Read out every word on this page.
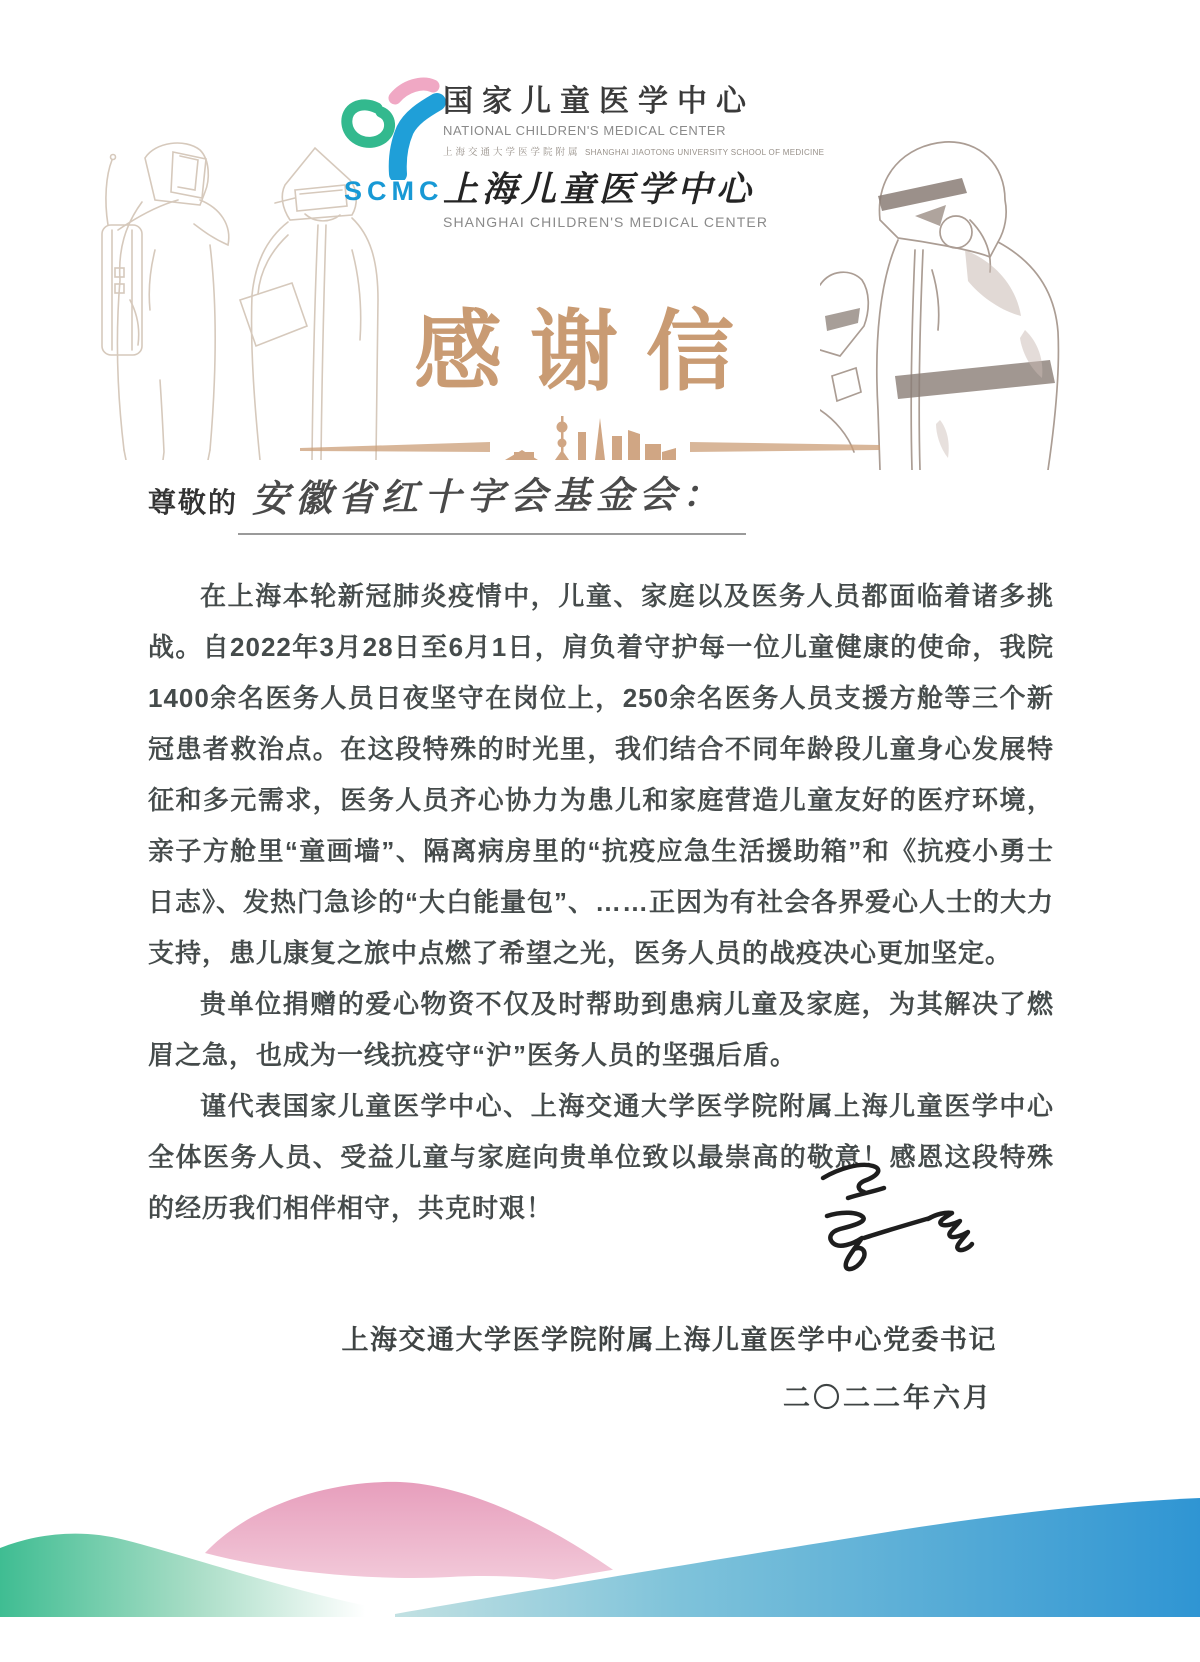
SCMC
国家儿童医学中心
NATIONAL CHILDREN'S MEDICAL CENTER
上海交通大学医学院附属 SHANGHAI JIAOTONG UNIVERSITY SCHOOL OF MEDICINE
上海儿童医学中心
SHANGHAI CHILDREN'S MEDICAL CENTER
感谢信
尊敬的 安徽省红十字会基金会：

在上海本轮新冠肺炎疫情中，儿童、家庭以及医务人员都面临着诸多挑战。自2022年3月28日至6月1日，肩负着守护每一位儿童健康的使命，我院1400余名医务人员日夜坚守在岗位上，250余名医务人员支援方舱等三个新冠患者救治点。在这段特殊的时光里，我们结合不同年龄段儿童身心发展特征和多元需求，医务人员齐心协力为患儿和家庭营造儿童友好的医疗环境，亲子方舱里“童画墙”、隔离病房里的“抗疫应急生活援助箱”和《抗疫小勇士日志》、发热门急诊的“大白能量包”、……正因为有社会各界爱心人士的大力支持，患儿康复之旅中点燃了希望之光，医务人员的战疫决心更加坚定。

贵单位捐赠的爱心物资不仅及时帮助到患病儿童及家庭，为其解决了燃眉之急，也成为一线抗疫守“沪”医务人员的坚强后盾。

谨代表国家儿童医学中心、上海交通大学医学院附属上海儿童医学中心全体医务人员、受益儿童与家庭向贵单位致以最崇高的敬意！感恩这段特殊的经历我们相伴相守，共克时艰！

上海交通大学医学院附属上海儿童医学中心党委书记
二〇二二年六月
